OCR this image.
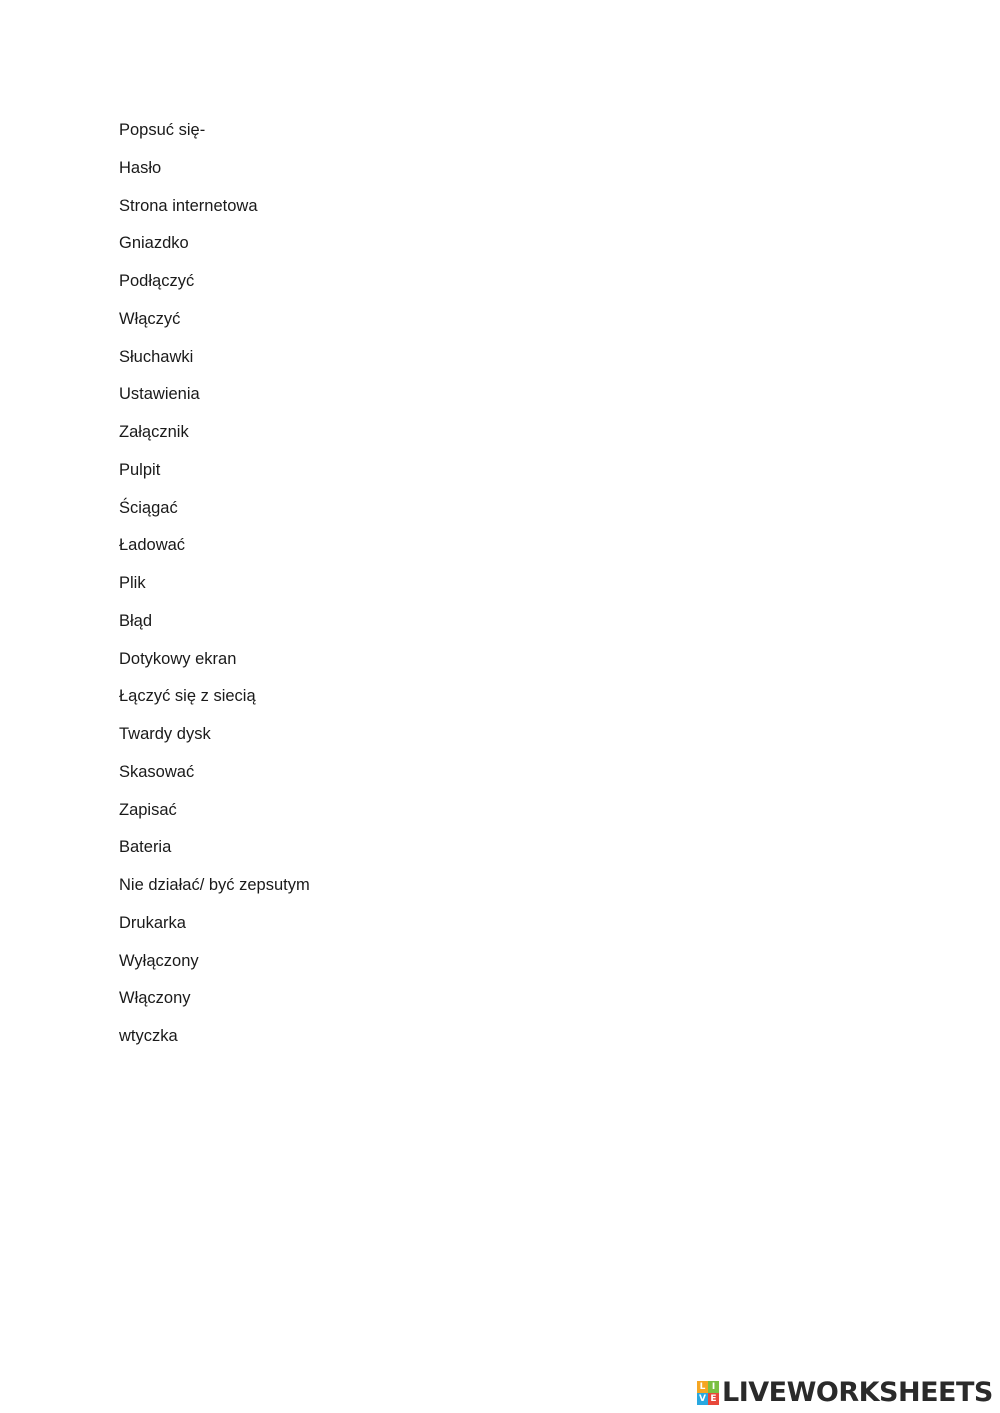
Popsuć się-
Hasło
Strona internetowa
Gniazdko
Podłączyć
Włączyć
Słuchawki
Ustawienia
Załącznik
Pulpit
Ściągać
Ładować
Plik
Błąd
Dotykowy ekran
Łączyć się z siecią
Twardy dysk
Skasować
Zapisać
Bateria
Nie działać/ być zepsutym
Drukarka
Wyłączony
Włączony
wtyczka
L I
V E LIVEWORKSHEETS
